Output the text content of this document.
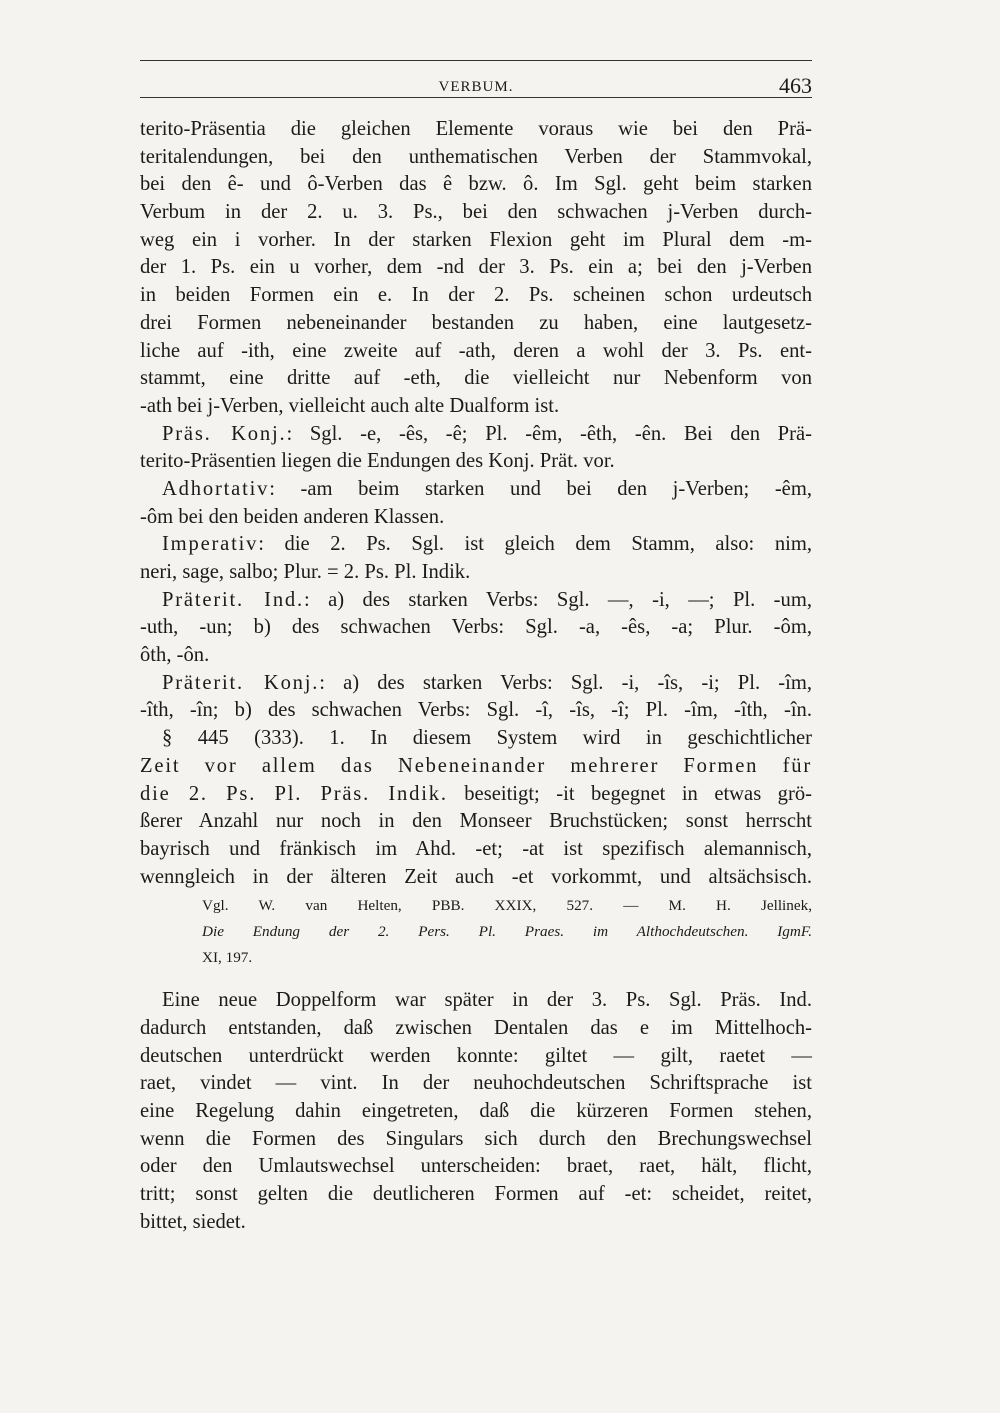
VERBUM.	463
terito-Präsentia die gleichen Elemente voraus wie bei den Prä-
teritalendungen, bei den unthematischen Verben der Stammvokal,
bei den ê- und ô-Verben das ê bzw. ô. Im Sgl. geht beim starken
Verbum in der 2. u. 3. Ps., bei den schwachen j-Verben durch-
weg ein i vorher. In der starken Flexion geht im Plural dem -m-
der 1. Ps. ein u vorher, dem -nd der 3. Ps. ein a; bei den j-Verben
in beiden Formen ein e. In der 2. Ps. scheinen schon urdeutsch
drei Formen nebeneinander bestanden zu haben, eine lautgesetz-
liche auf -ith, eine zweite auf -ath, deren a wohl der 3. Ps. ent-
stammt, eine dritte auf -eth, die vielleicht nur Nebenform von
-ath bei j-Verben, vielleicht auch alte Dualform ist.
Präs. Konj.: Sgl. -e, -ês, -ê; Pl. -êm, -êth, -ên. Bei den Prä-
terito-Präsentien liegen die Endungen des Konj. Prät. vor.
Adhortativ: -am beim starken und bei den j-Verben; -êm,
-ôm bei den beiden anderen Klassen.
Imperativ: die 2. Ps. Sgl. ist gleich dem Stamm, also: nim,
neri, sage, salbo; Plur. = 2. Ps. Pl. Indik.
Präterit. Ind.: a) des starken Verbs: Sgl. —, -i, —; Pl. -um,
-uth, -un; b) des schwachen Verbs: Sgl. -a, -ês, -a; Plur. -ôm,
ôth, -ôn.
Präterit. Konj.: a) des starken Verbs: Sgl. -i, -îs, -i; Pl. -îm,
-îth, -în; b) des schwachen Verbs: Sgl. -î, -îs, -î; Pl. -îm, -îth, -în.
§ 445 (333). 1. In diesem System wird in geschichtlicher
Zeit vor allem das Nebeneinander mehrerer Formen für
die 2. Ps. Pl. Präs. Indik. beseitigt; -it begegnet in etwas grö-
ßerer Anzahl nur noch in den Monseer Bruchstücken; sonst herrscht
bayrisch und fränkisch im Ahd. -et; -at ist spezifisch alemannisch,
wenngleich in der älteren Zeit auch -et vorkommt, und altsächsisch.
Vgl. W. van Helten, PBB. XXIX, 527. — M. H. Jellinek,
Die Endung der 2. Pers. Pl. Praes. im Althochdeutschen. IgmF.
XI, 197.
Eine neue Doppelform war später in der 3. Ps. Sgl. Präs. Ind.
dadurch entstanden, daß zwischen Dentalen das e im Mittelhoch-
deutschen unterdrückt werden konnte: giltet — gilt, raetet —
raet, vindet — vint. In der neuhochdeutschen Schriftsprache ist
eine Regelung dahin eingetreten, daß die kürzeren Formen stehen,
wenn die Formen des Singulars sich durch den Brechungswechsel
oder den Umlautswechsel unterscheiden: braet, raet, hält, flicht,
tritt; sonst gelten die deutlicheren Formen auf -et: scheidet, reitet,
bittet, siedet.
